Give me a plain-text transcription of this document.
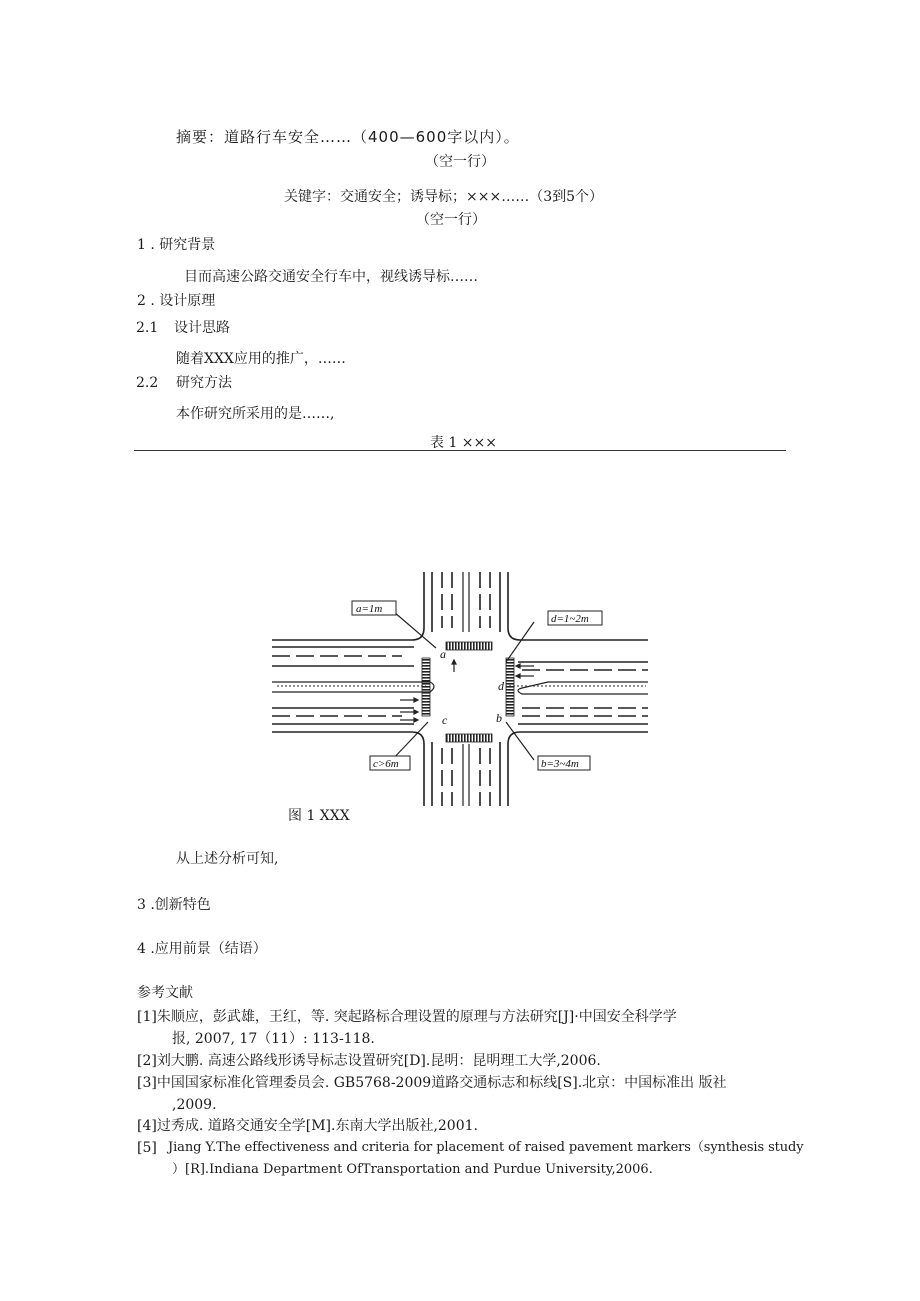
摘要：道路行车安全……（400—600字以内）。
（空一行）
关键字：交通安全；诱导标；×××……（3到5个）
（空一行）
1 . 研究背景
目而高速公路交通安全行车中，视线诱导标……
2 . 设计原理
2.1 设计思路
随着XXX应用的推广，……
2.2 研究方法
本作研究所采用的是……,
表 1 ×××
a=1m
d=1~2m
c>6m	b=3~4m
a
d
c	b
图 1 XXX
从上述分析可知,
3 .创新特色
4 .应用前景（结语）
参考文献
[1]朱顺应，彭武雄，王红，等. 突起路标合理设置的原理与方法研究[J]·中国安全科学学
报, 2007, 17（11）: 113-118.
[2]刘大鹏. 高速公路线形诱导标志设置研究[D].昆明：昆明理工大学,2006.
[3]中国国家标准化管理委员会. GB5768-2009道路交通标志和标线[S].北京：中国标准出 版社
,2009.
[4]过秀成. 道路交通安全学[M].东南大学出版社,2001.
[5] Jiang Y.The effectiveness and criteria for placement of raised pavement markers（synthesis study
）[R].Indiana Department OfTransportation and Purdue University,2006.
